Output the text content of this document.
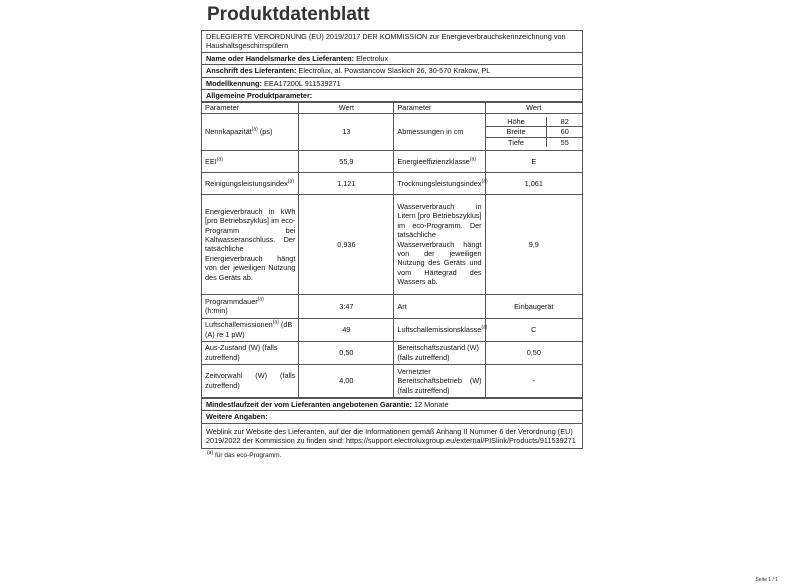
Produktdatenblatt
DELEGIERTE VERORDNUNG (EU) 2019/2017 DER KOMMISSION zur Energieverbrauchskennzeichnung von Haushaltsgeschirrspülern
Name oder Handelsmarke des Lieferanten: Electrolux
Anschrift des Lieferanten: Electrolux, al. Powstancow Slaskich 26, 30-570 Krakow, PL
Modellkennung: EEA17200L 911539271
Allgemeine Produktparameter:
Parameter	Wert	Parameter	Wert
Nennkapazität$^{(a)}$ (ps)	13	Abmessungen in cm	
Höhe	82
Breite	60
Tiefe	55

EEI$^{(a)}$	55,9	Energieeffizienzklasse$^{(a)}$	E
Reinigungsleistungsindex$^{(a)}$	1,121	Trocknungsleistungsindex$^{(a)}$	1,061
Energieverbrauch in kWh [pro Betriebszyklus] im eco-Programm bei Kaltwasseranschluss. Der tatsächliche Energieverbrauch hängt von der jeweiligen Nutzung des Geräts ab.	0,936	Wasserverbrauch in Litern [pro Betriebszyklus] im eco-Programm. Der tatsächliche Wasserverbrauch hängt von der jeweiligen Nutzung des Geräts und vom Härtegrad des Wassers ab.	9,9
Programmdauer$^{(a)}$
(h:min)	3:47	Art	Einbaugerät
Luftschallemissionen$^{(a)}$ (dB (A) re 1 pW)	49	Luftschallemissionsklasse$^{(a)}$	C
Aus-Zustand (W) (falls zutreffend)	0,50	Bereitschaftszustand (W) (falls zutreffend)	0,50
Zeitvorwahl (W) (falls zutreffend)	4,00	Vernetzter Bereitschaftsbetrieb (W) (falls zutreffend)	-
Mindestlaufzeit der vom Lieferanten angebotenen Garantie: 12 Monate
Weitere Angaben:
Weblink zur Website des Lieferanten, auf der die Informationen gemäß Anhang II Nummer 6 der Verordnung (EU) 2019/2022 der Kommission zu finden sind: https://support.electroluxgroup.eu/external/PISlink/Products/911539271
$^{(a)}$ für das eco-Programm.
Seite 1 / 1
